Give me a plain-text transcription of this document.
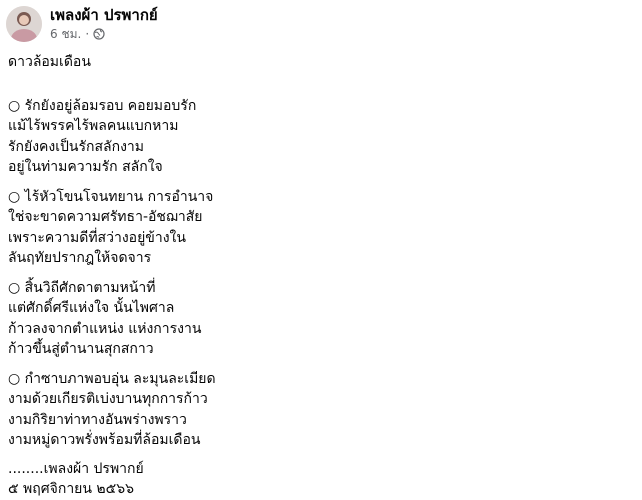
เพลงผ้า ปรพากย์
6 ชม. ·
ดาวล้อมเดือน
○ รักยังอยู่ล้อมรอบ คอยมอบรัก
แม้ไร้พรรคไร้พลคนแบกหาม
รักยังคงเป็นรักสลักงาม
อยู่ในท่ามความรัก สลักใจ
○ ไร้หัวโขนโจนทยาน การอำนาจ
ใช่จะขาดความศรัทธา-อัชฌาสัย
เพราะความดีที่สว่างอยู่ข้างใน
ลันฤทัยปรากฎให้จดจาร
○ สิ้นวิถีศักดาตามหน้าที่
แต่ศักดิ์ศรีแห่งใจ นั้นไพศาล
ก้าวลงจากตำแหน่ง แห่งการงาน
ก้าวขึ้นสู่ตำนานสุกสกาว
○ กำซาบภาพอบอุ่น ละมุนละเมียด
งามด้วยเกียรติเบ่งบานทุกการก้าว
งามกิริยาท่าทางอันพร่างพราว
งามหมู่ดาวพรั่งพร้อมที่ล้อมเดือน
........เพลงผ้า ปรพากย์
๕ พฤศจิกายน ๒๕๖๖
